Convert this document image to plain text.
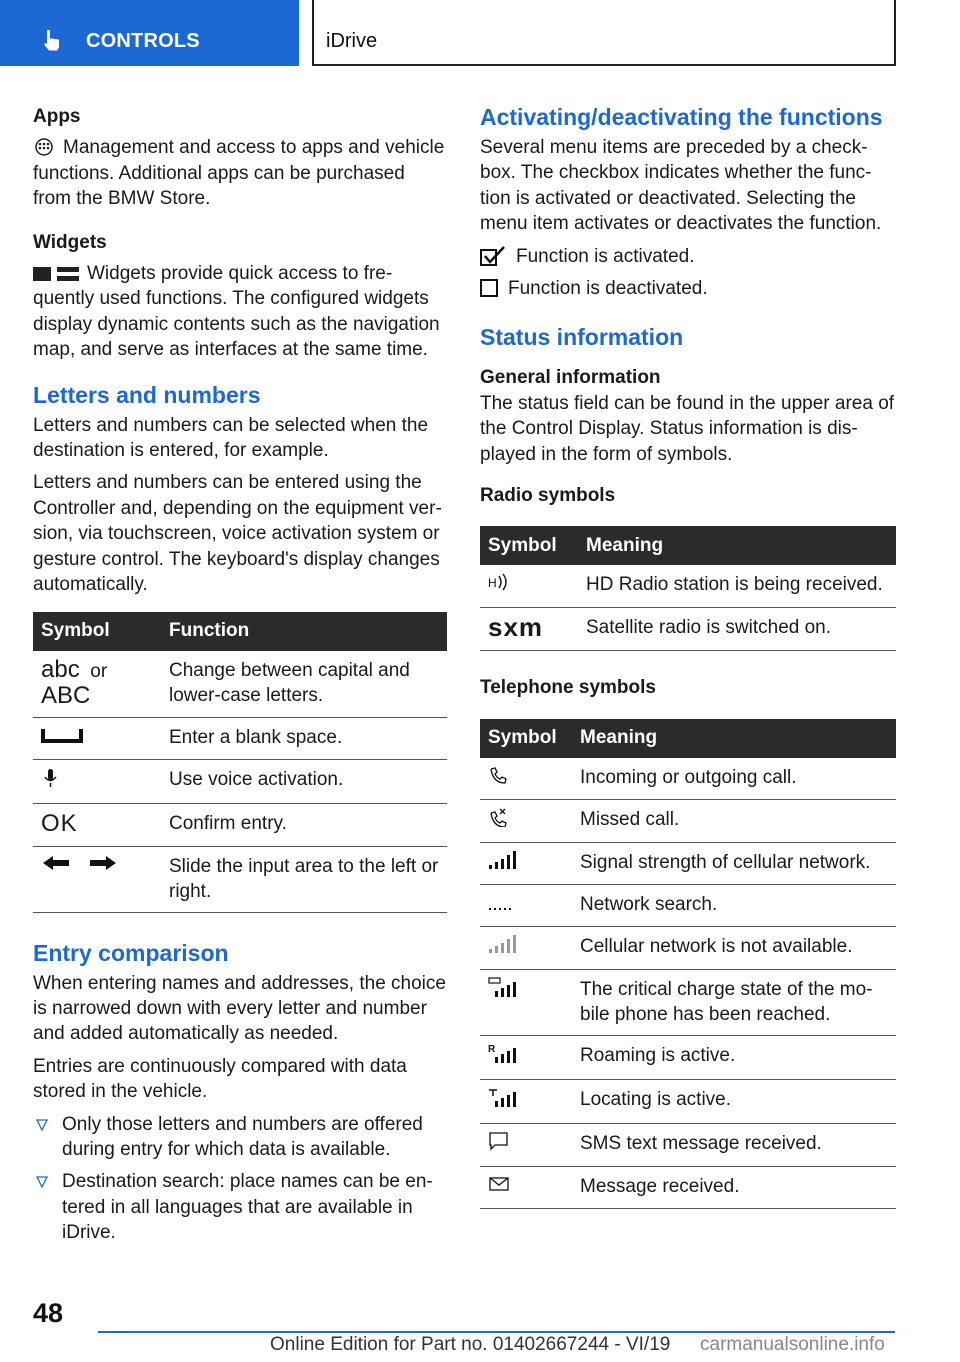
CONTROLS	iDrive
Apps
Management and access to apps and vehicle functions. Additional apps can be purchased from the BMW Store.
Widgets
Widgets provide quick access to fre- quently used functions. The configured widgets display dynamic contents such as the navigation map, and serve as interfaces at the same time.
Letters and numbers
Letters and numbers can be selected when the destination is entered, for example.
Letters and numbers can be entered using the Controller and, depending on the equipment ver- sion, via touchscreen, voice activation system or gesture control. The keyboard's display changes automatically.
Symbol	Function
abc or
ABC	Change between capital and lower-case letters.
	Enter a blank space.
	Use voice activation.
OK	Confirm entry.
	Slide the input area to the left or right.
Entry comparison
When entering names and addresses, the choice is narrowed down with every letter and number and added automatically as needed.
Entries are continuously compared with data stored in the vehicle.
Only those letters and numbers are offered during entry for which data is available.
Destination search: place names can be en- tered in all languages that are available in iDrive.
Activating/deactivating the functions
Several menu items are preceded by a check- box. The checkbox indicates whether the func- tion is activated or deactivated. Selecting the menu item activates or deactivates the function.
Function is activated.
Function is deactivated.
Status information
General information
The status field can be found in the upper area of the Control Display. Status information is dis- played in the form of symbols.
Radio symbols
Symbol	Meaning

H	HD Radio station is being received.
sxm	Satellite radio is switched on.
Telephone symbols
Symbol	Meaning
	Incoming or outgoing call.
	Missed call.
	Signal strength of cellular network.
	Network search.
	Cellular network is not available.
	The critical charge state of the mo- bile phone has been reached.

R	Roaming is active.
	Locating is active.
	SMS text message received.
	Message received.
48
Online Edition for Part no. 01402667244 - VI/19 carmanualsonline.info
